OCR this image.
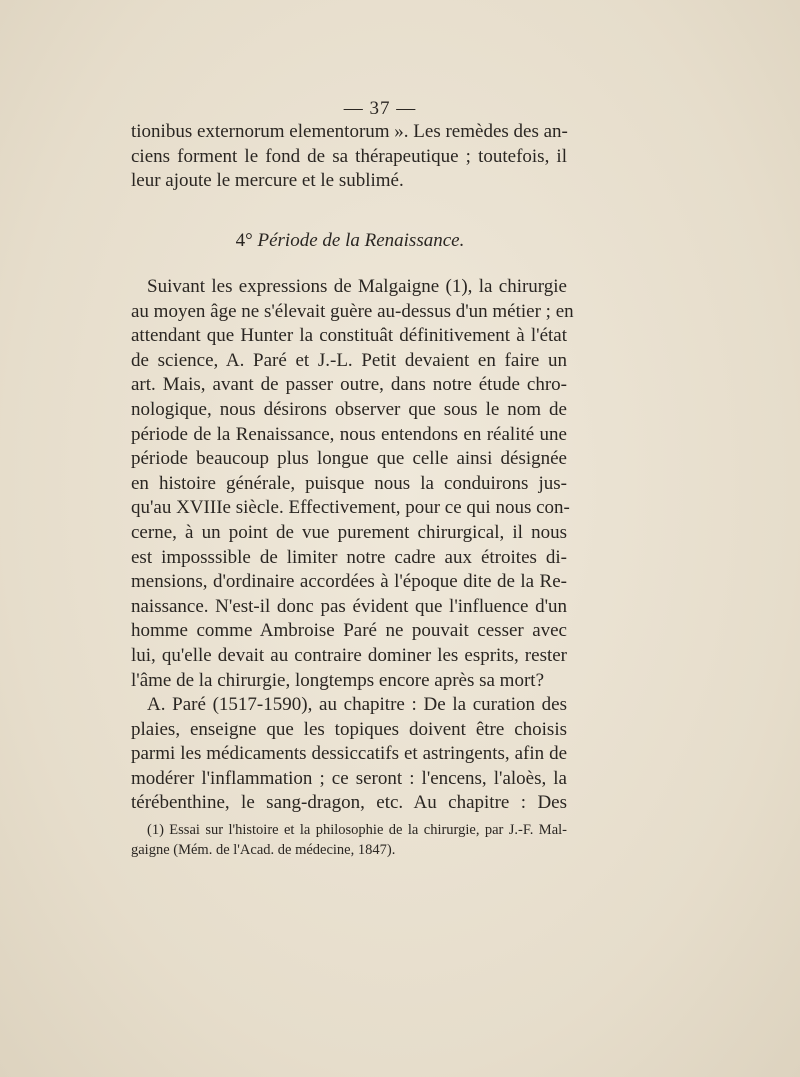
— 37 —
tionibus externorum elementorum ». Les remèdes des an-
ciens forment le fond de sa thérapeutique ; toutefois, il
leur ajoute le mercure et le sublimé.
4° Période de la Renaissance.
Suivant les expressions de Malgaigne (1), la chirurgie
au moyen âge ne s'élevait guère au-dessus d'un métier ; en
attendant que Hunter la constituât définitivement à l'état
de science, A. Paré et J.-L. Petit devaient en faire un
art. Mais, avant de passer outre, dans notre étude chro-
nologique, nous désirons observer que sous le nom de
période de la Renaissance, nous entendons en réalité une
période beaucoup plus longue que celle ainsi désignée
en histoire générale, puisque nous la conduirons jus-
qu'au XVIIIe siècle. Effectivement, pour ce qui nous con-
cerne, à un point de vue purement chirurgical, il nous
est imposssible de limiter notre cadre aux étroites di-
mensions, d'ordinaire accordées à l'époque dite de la Re-
naissance. N'est-il donc pas évident que l'influence d'un
homme comme Ambroise Paré ne pouvait cesser avec
lui, qu'elle devait au contraire dominer les esprits, rester
l'âme de la chirurgie, longtemps encore après sa mort?
A. Paré (1517-1590), au chapitre : De la curation des
plaies, enseigne que les topiques doivent être choisis
parmi les médicaments dessiccatifs et astringents, afin de
modérer l'inflammation ; ce seront : l'encens, l'aloès, la
térébenthine, le sang-dragon, etc. Au chapitre : Des
(1) Essai sur l'histoire et la philosophie de la chirurgie, par J.-F. Mal-
gaigne (Mém. de l'Acad. de médecine, 1847).
